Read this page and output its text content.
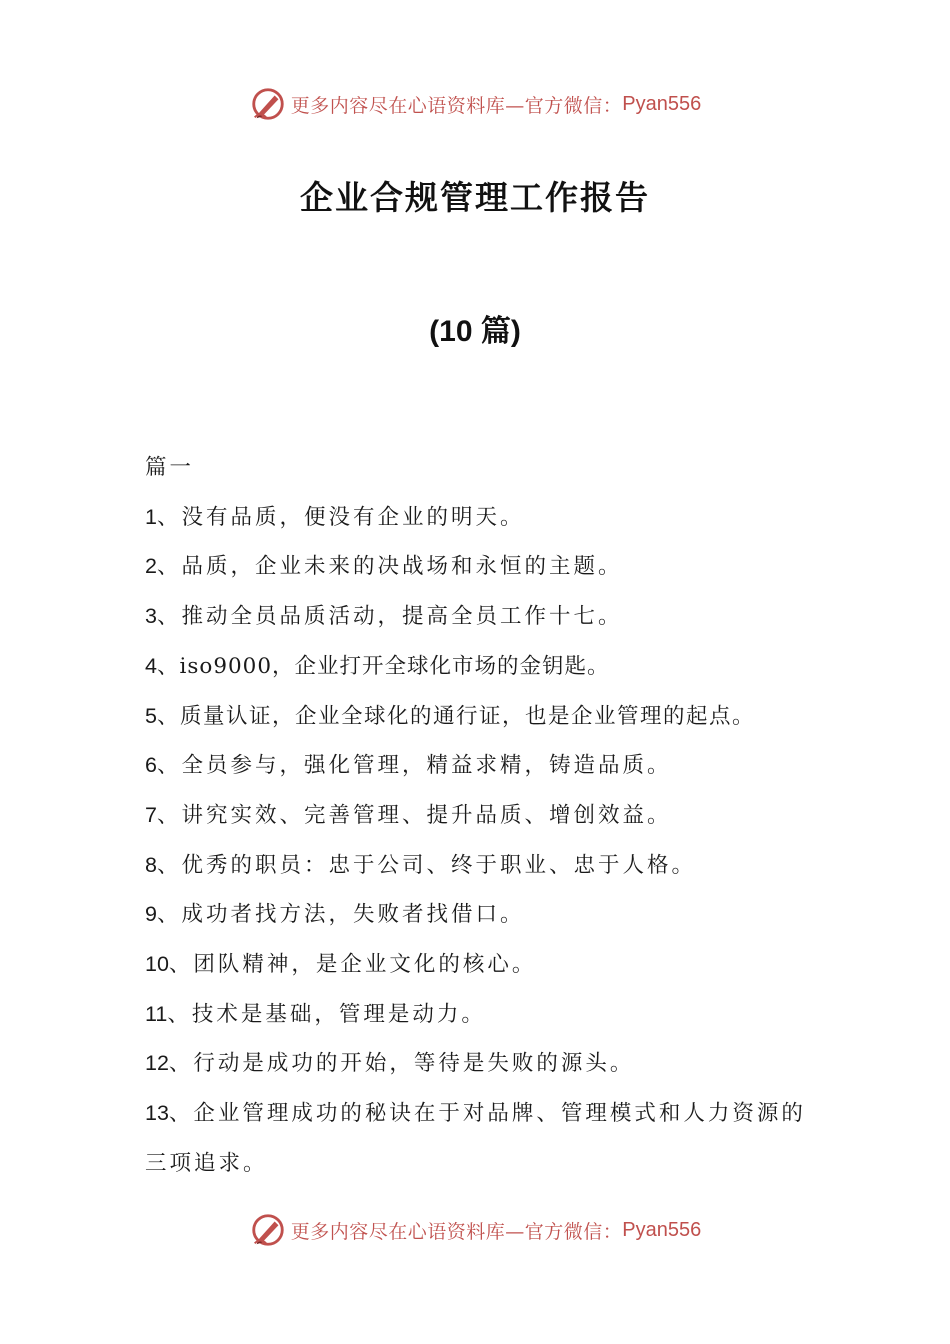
更多内容尽在心语资料库—官方微信： Pyan556
企业合规管理工作报告
(10 篇)

篇一

1、没有品质，便没有企业的明天。

2、品质，企业未来的决战场和永恒的主题。

3、推动全员品质活动，提高全员工作十七。

4、iso9000，企业打开全球化市场的金钥匙。

5、质量认证，企业全球化的通行证，也是企业管理的起点。

6、全员参与，强化管理，精益求精，铸造品质。

7、讲究实效、完善管理、提升品质、增创效益。

8、优秀的职员：忠于公司、终于职业、忠于人格。

9、成功者找方法，失败者找借口。

10、团队精神，是企业文化的核心。

11、技术是基础，管理是动力。

12、行动是成功的开始，等待是失败的源头。

13、企业管理成功的秘诀在于对品牌、管理模式和人力资源的三项追求。

更多内容尽在心语资料库—官方微信： Pyan556
